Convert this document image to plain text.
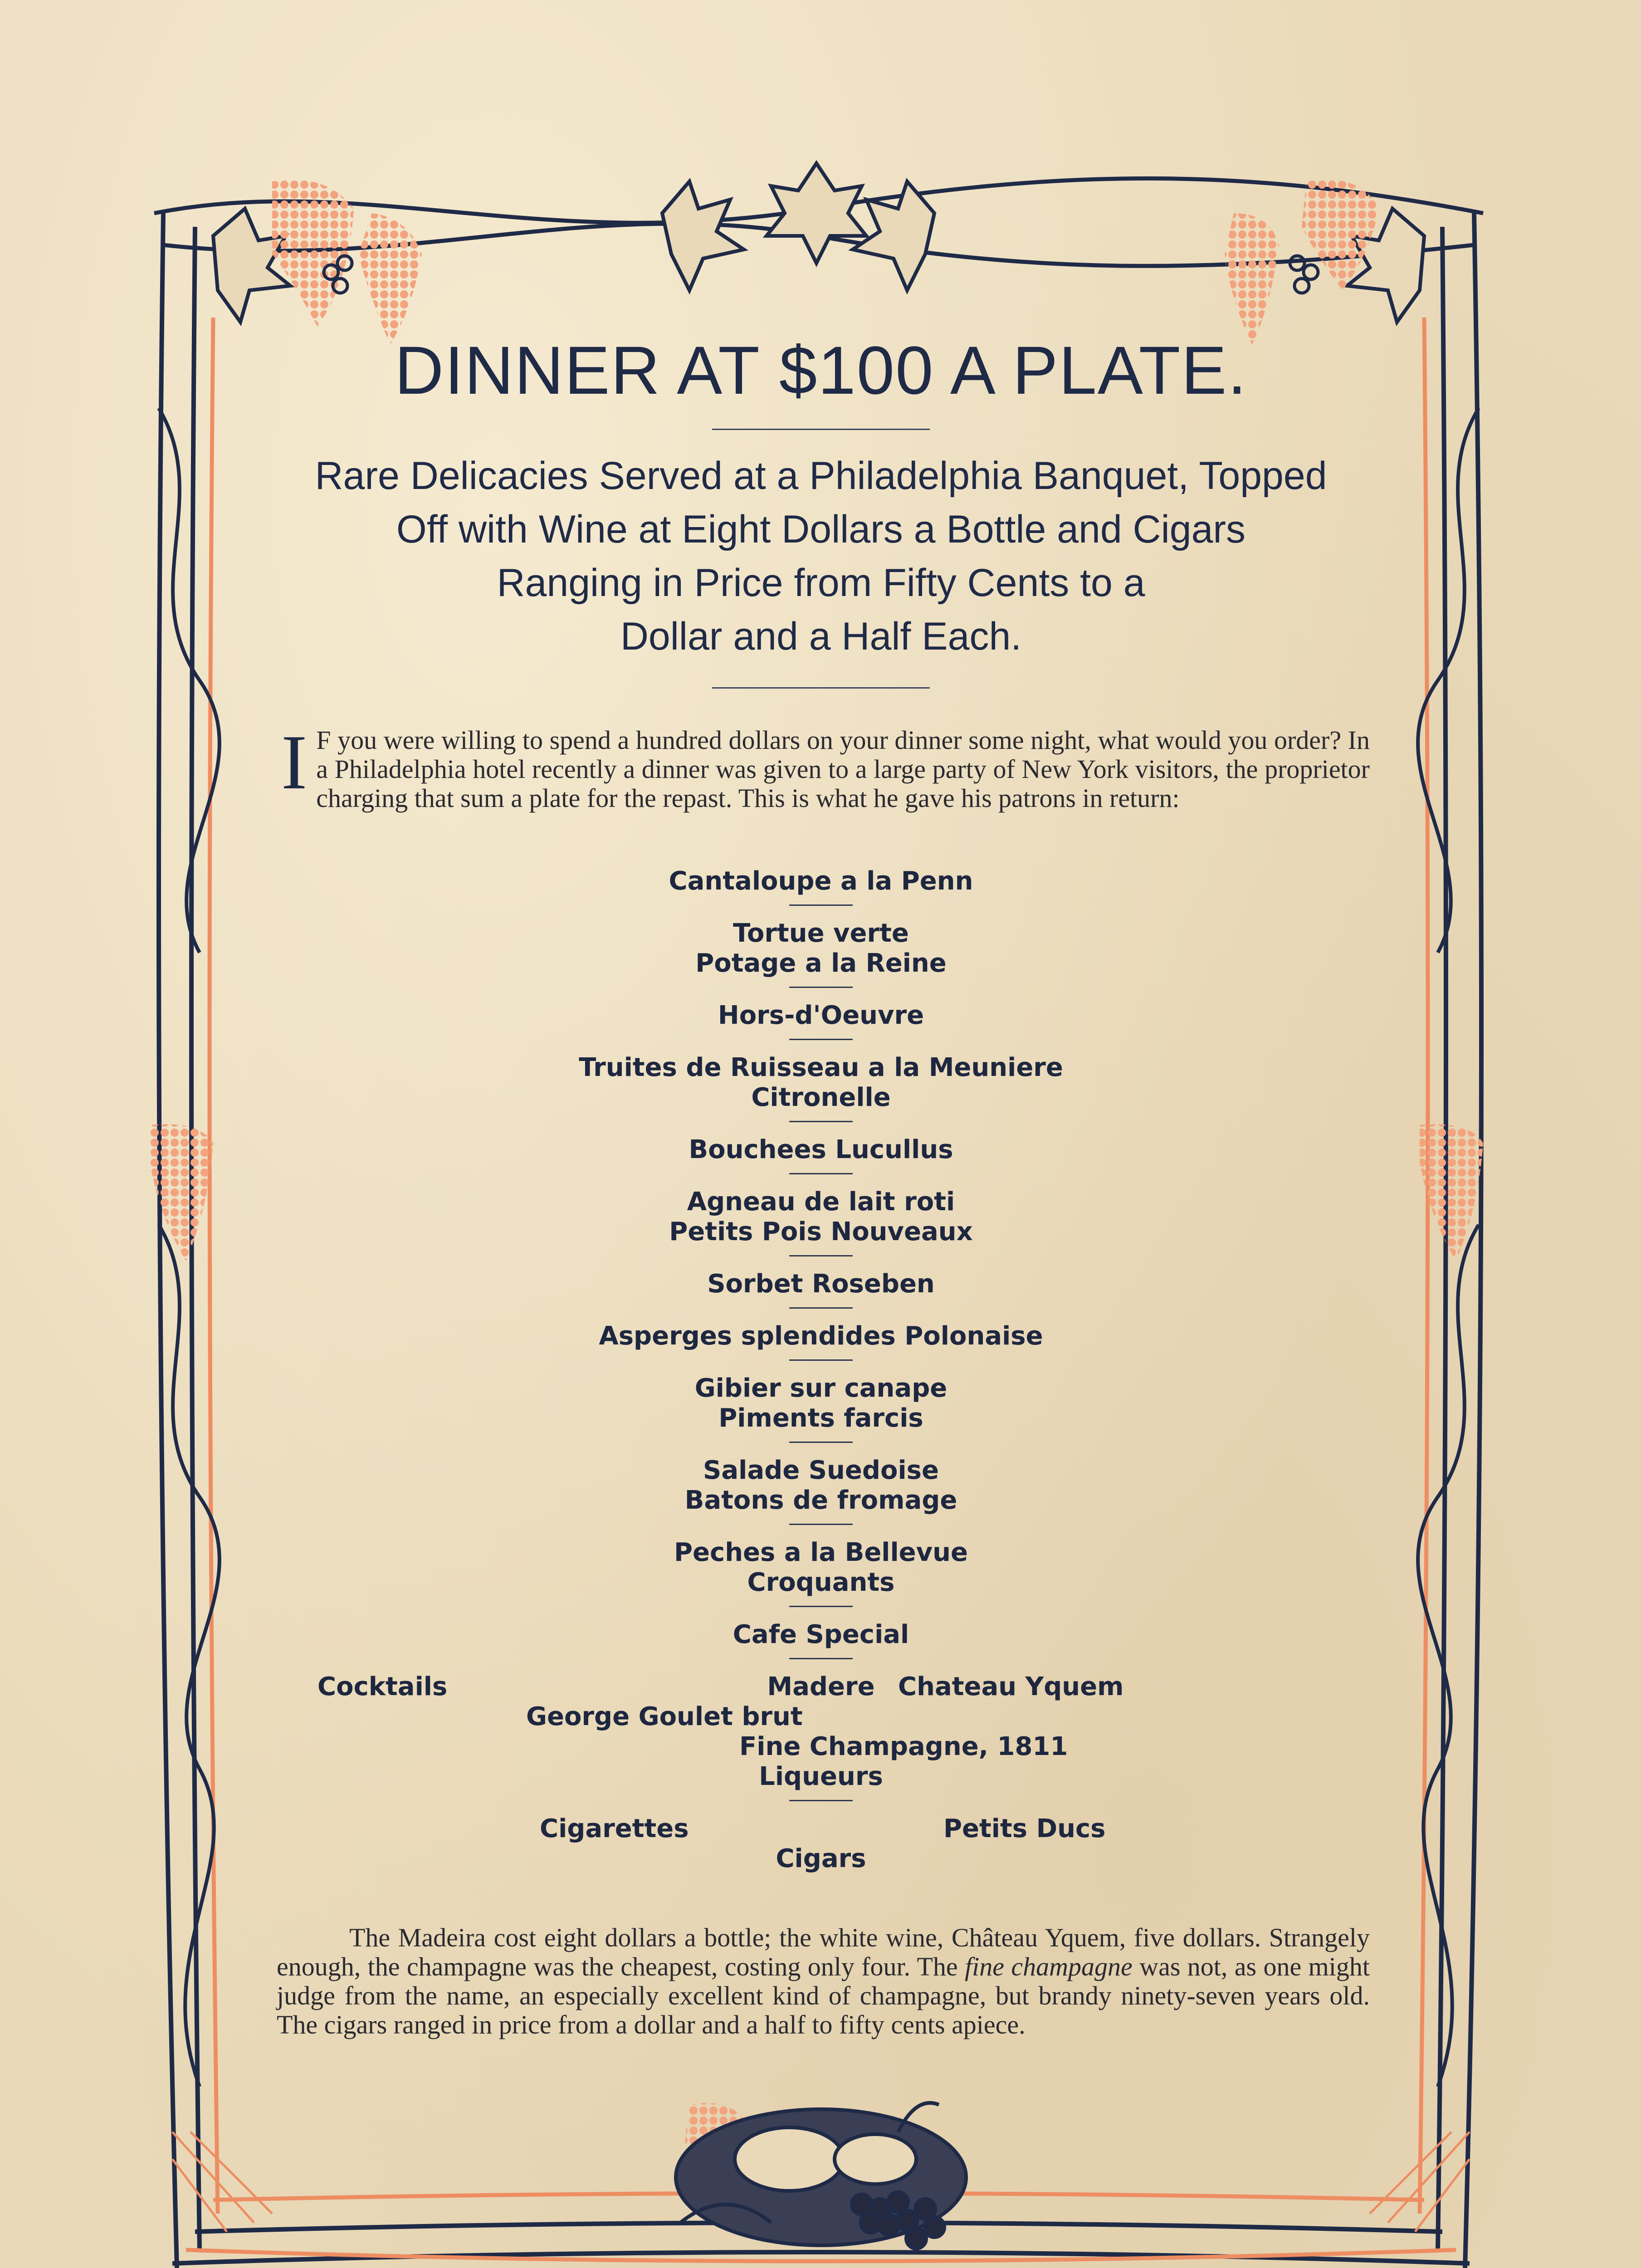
DINNER AT $100 A PLATE.
Rare Delicacies Served at a Philadelphia Banquet, Topped
Off with Wine at Eight Dollars a Bottle and Cigars
Ranging in Price from Fifty Cents to a
Dollar and a Half Each.
I F you were willing to spend a hundred dollars on your dinner some night, what would you order? In a Philadelphia hotel recently a dinner was given to a large party of New York visitors, the proprietor charging that sum a plate for the repast. This is what he gave his patrons in return:
Cantaloupe a la Penn
Tortue verte
Potage a la Reine
Hors-d'Oeuvre
Truites de Ruisseau a la Meuniere
Citronelle
Bouchees Lucullus
Agneau de lait roti
Petits Pois Nouveaux
Sorbet Roseben
Asperges splendides Polonaise
Gibier sur canape
Piments farcis
Salade Suedoise
Batons de fromage
Peches a la Bellevue
Croquants
Cafe Special
Cocktails	Madere Chateau Yquem
George Goulet brut
Fine Champagne, 1811
Liqueurs
Cigarettes	Petits Ducs
Cigars
The Madeira cost eight dollars a bottle; the white wine, Château Yquem, five dollars. Strangely enough, the champagne was the cheapest, costing only four. The fine champagne was not, as one might judge from the name, an especially excellent kind of champagne, but brandy ninety-seven years old. The cigars ranged in price from a dollar and a half to fifty cents apiece.
